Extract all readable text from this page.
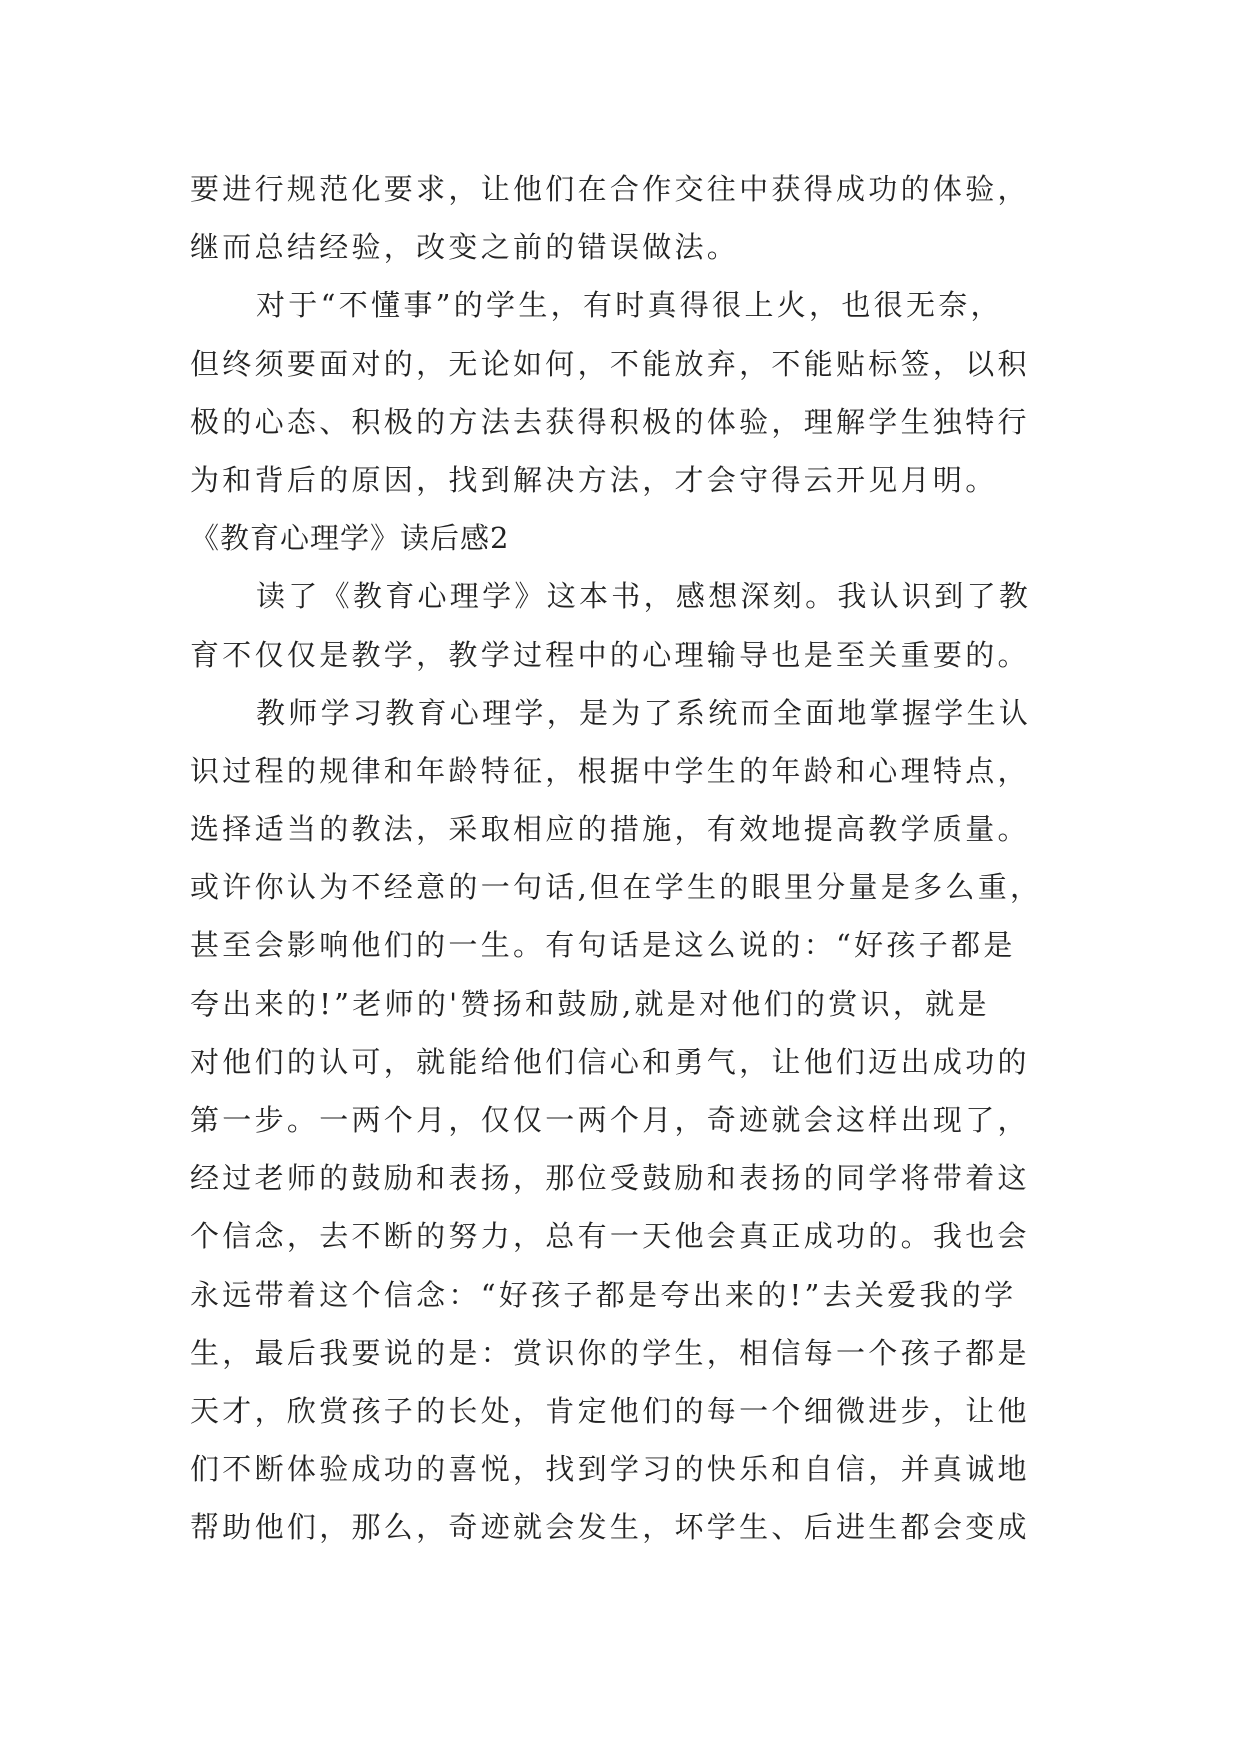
要进行规范化要求，让他们在合作交往中获得成功的体验，
继而总结经验，改变之前的错误做法。
对于“不懂事”的学生，有时真得很上火，也很无奈，
但终须要面对的，无论如何，不能放弃，不能贴标签，以积
极的心态、积极的方法去获得积极的体验，理解学生独特行
为和背后的原因，找到解决方法，才会守得云开见月明。
《教育心理学》读后感2
读了《教育心理学》这本书，感想深刻。我认识到了教
育不仅仅是教学，教学过程中的心理输导也是至关重要的。
教师学习教育心理学，是为了系统而全面地掌握学生认
识过程的规律和年龄特征，根据中学生的年龄和心理特点，
选择适当的教法，采取相应的措施，有效地提高教学质量。
或许你认为不经意的一句话,但在学生的眼里分量是多么重，
甚至会影响他们的一生。有句话是这么说的：“好孩子都是
夸出来的!”老师的'赞扬和鼓励,就是对他们的赏识，就是
对他们的认可，就能给他们信心和勇气，让他们迈出成功的
第一步。一两个月，仅仅一两个月，奇迹就会这样出现了，
经过老师的鼓励和表扬，那位受鼓励和表扬的同学将带着这
个信念，去不断的努力，总有一天他会真正成功的。我也会
永远带着这个信念：“好孩子都是夸出来的!”去关爱我的学
生，最后我要说的是：赏识你的学生，相信每一个孩子都是
天才，欣赏孩子的长处，肯定他们的每一个细微进步，让他
们不断体验成功的喜悦，找到学习的快乐和自信，并真诚地
帮助他们，那么，奇迹就会发生，坏学生、后进生都会变成
